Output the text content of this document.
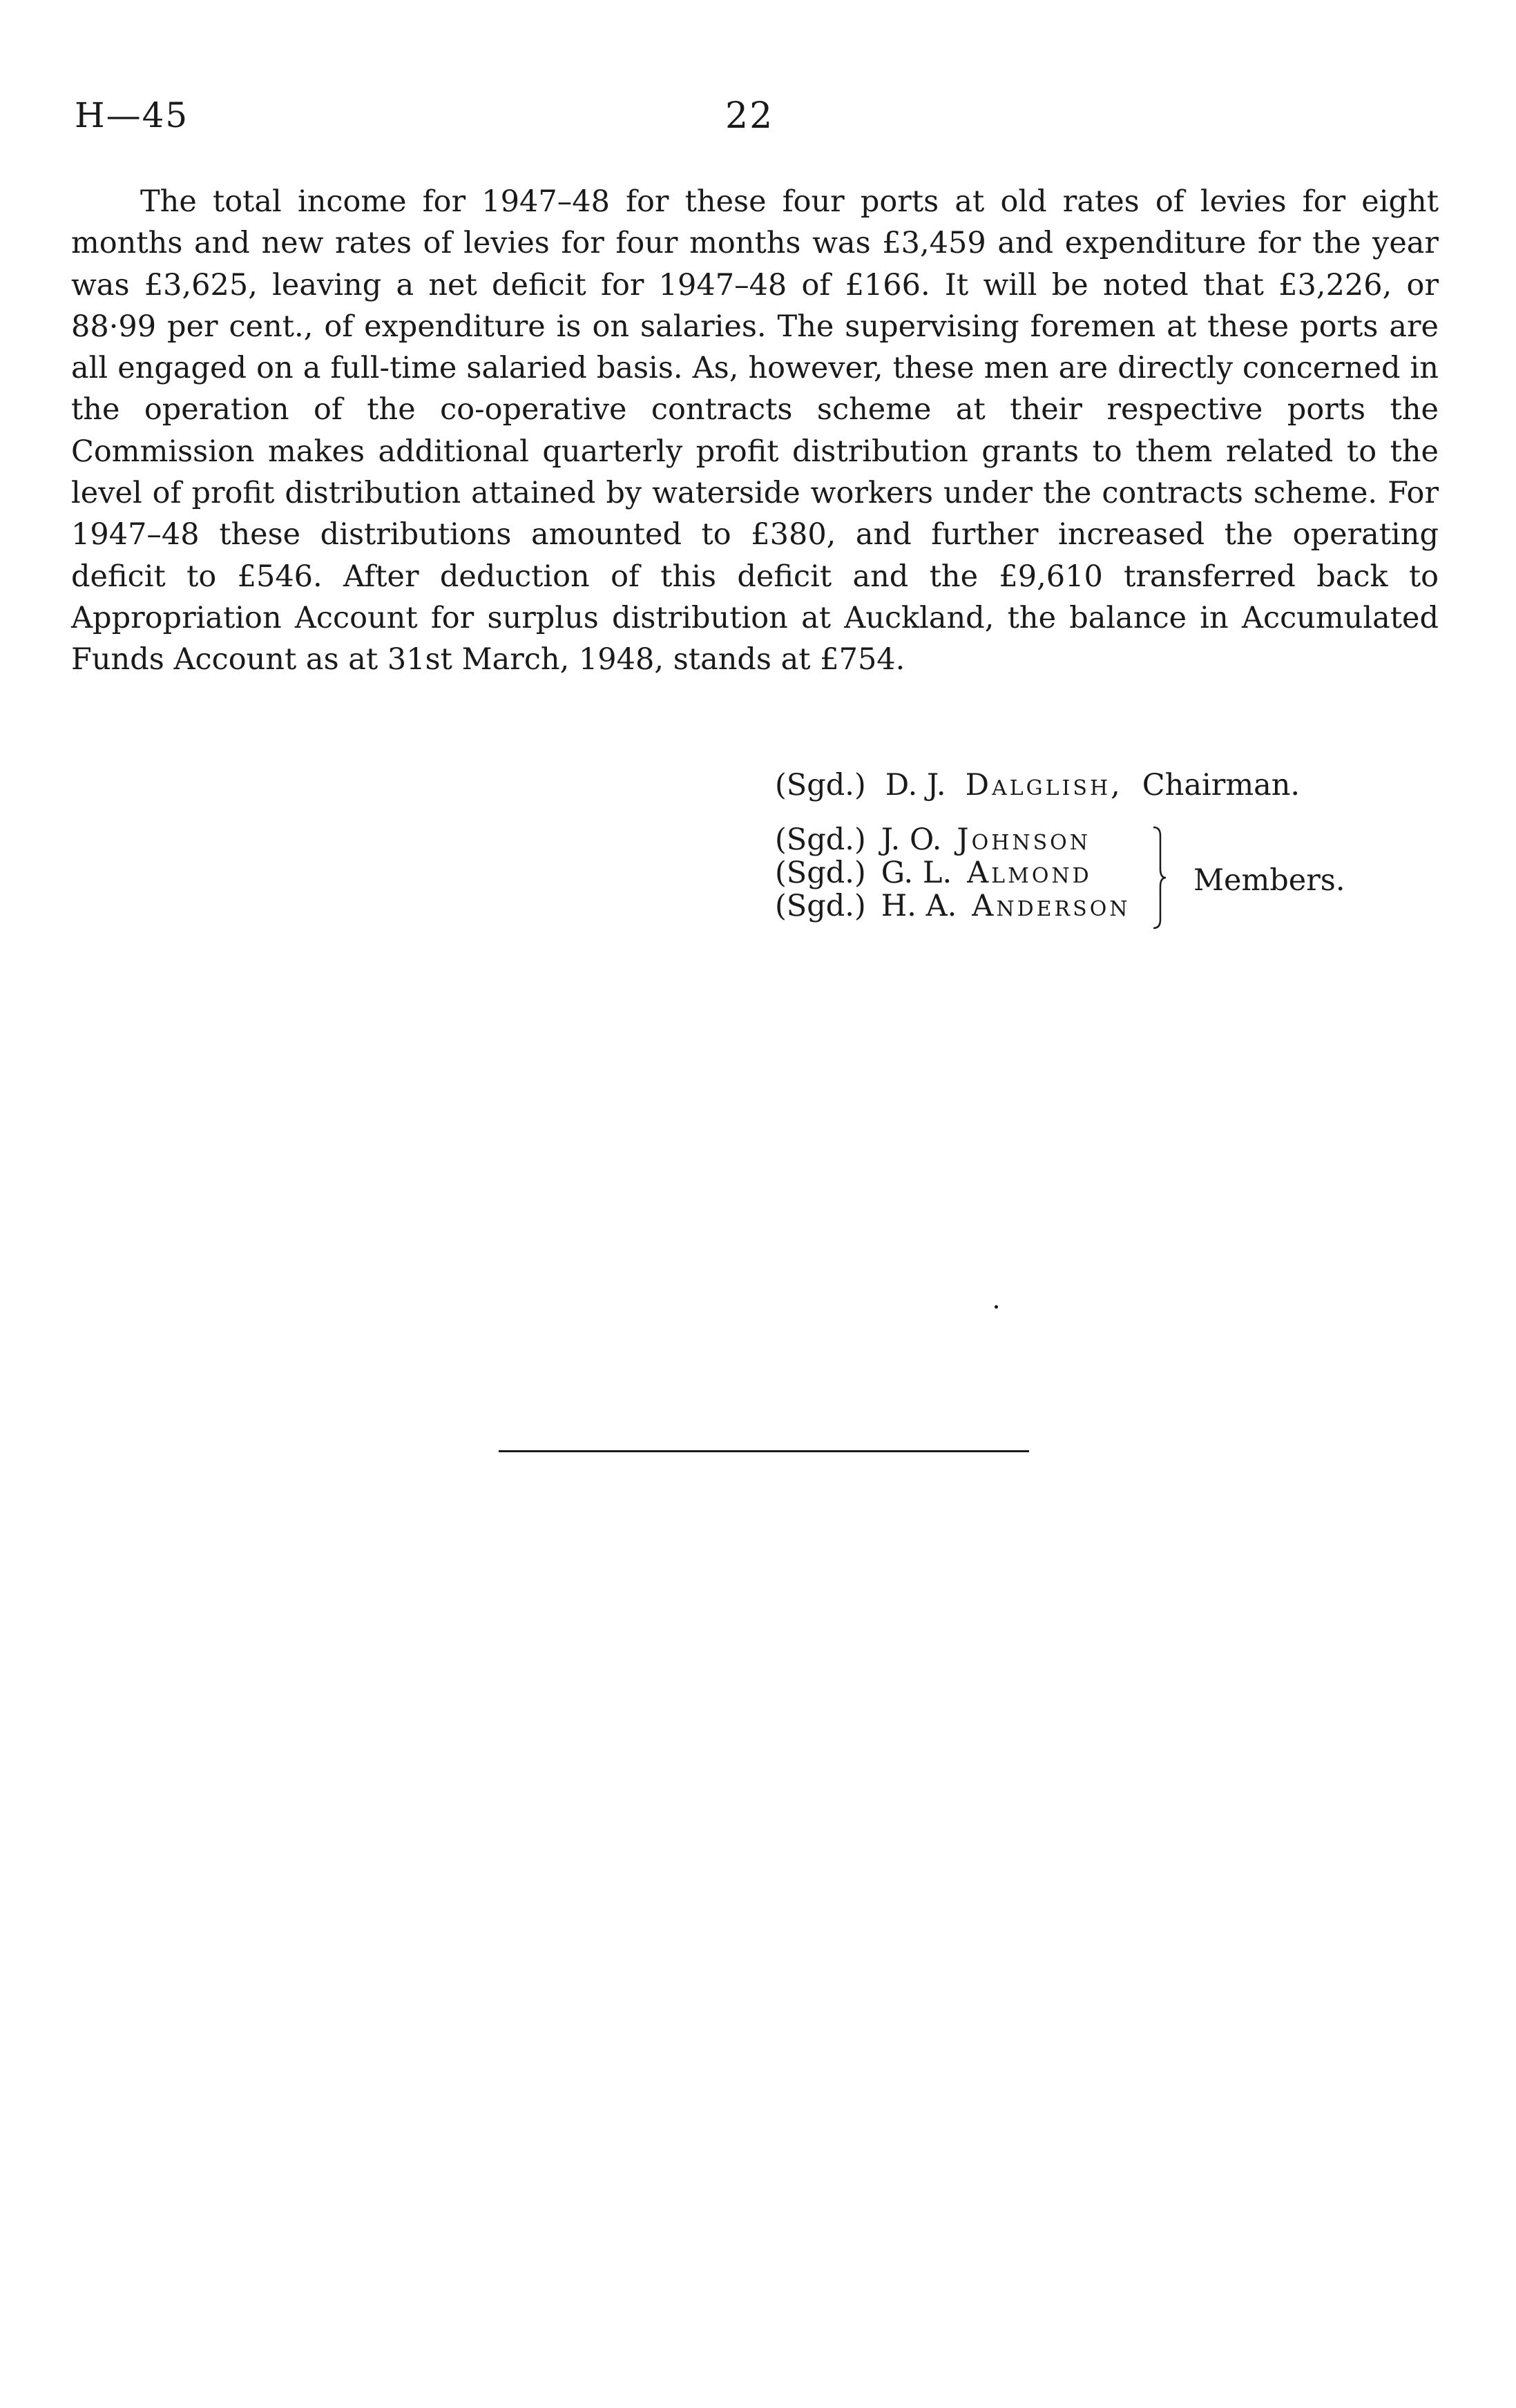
H—45	22

The total income for 1947–48 for these four ports at old rates of levies for eight months and new rates of levies for four months was £3,459 and expenditure for the year was £3,625, leaving a net deficit for 1947–48 of £166. It will be noted that £3,226, or 88·99 per cent., of expenditure is on salaries. The supervising foremen at these ports are all engaged on a full-time salaried basis. As, however, these men are directly concerned in the operation of the co-operative contracts scheme at their respective ports the Commission makes additional quarterly profit distribution grants to them related to the level of profit distribution attained by waterside workers under the contracts scheme. For 1947–48 these distributions amounted to £380, and further increased the operating deficit to £546. After deduction of this deficit and the £9,610 transferred back to Appropriation Account for surplus distribution at Auckland, the balance in Accumulated Funds Account as at 31st March, 1948, stands at £754.

(Sgd.) D. J. Dalglish, Chairman.
(Sgd.) J. O. Johnson
(Sgd.) G. L. Almond
(Sgd.) H. A. Anderson
Members.
